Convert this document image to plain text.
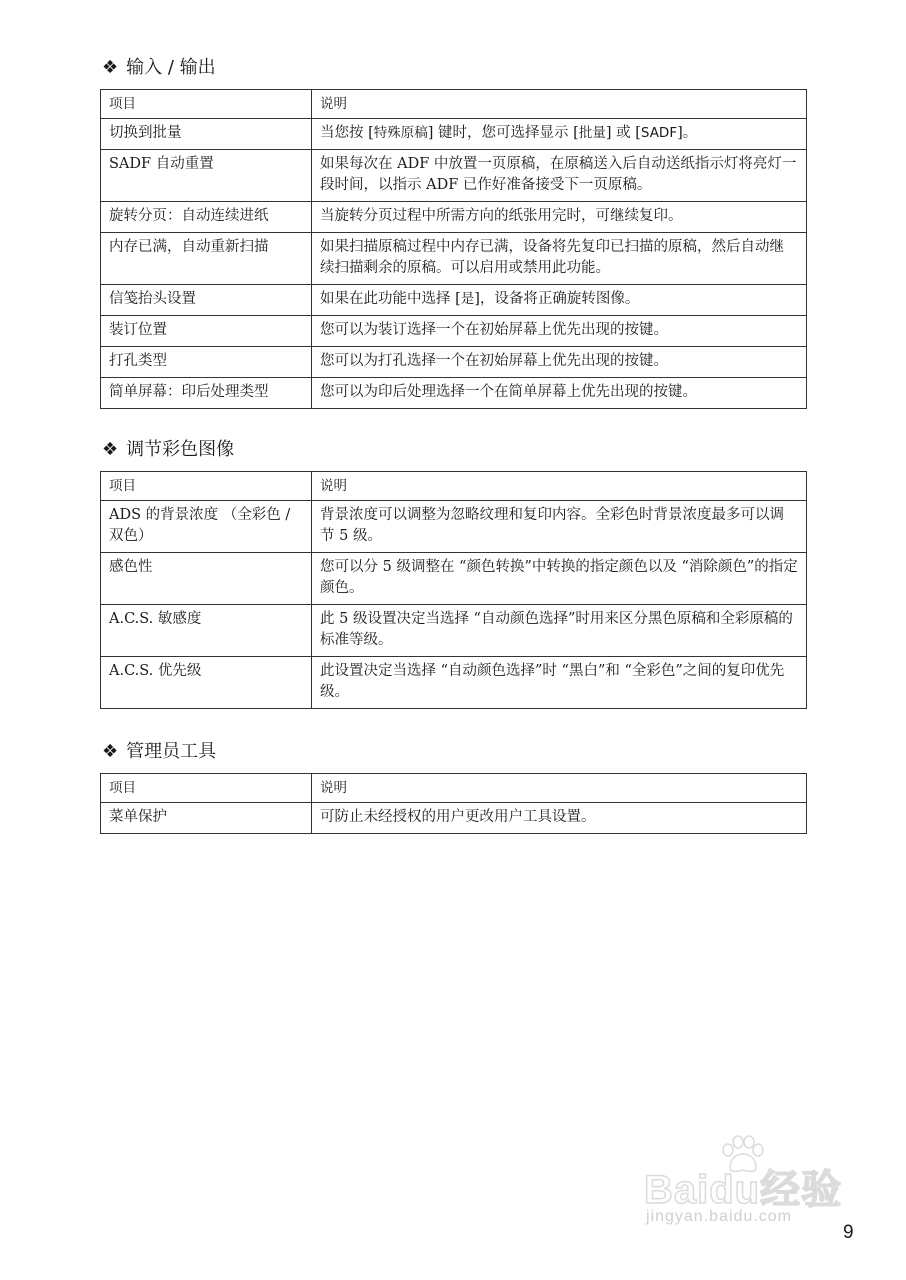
❖ 输入 / 输出
项目	说明
切换到批量	当您按 [特殊原稿] 键时，您可选择显示 [批量] 或 [SADF]。
SADF 自动重置	如果每次在 ADF 中放置一页原稿，在原稿送入后自动送纸指示灯将亮灯一段时间，以指示 ADF 已作好准备接受下一页原稿。
旋转分页：自动连续进纸	当旋转分页过程中所需方向的纸张用完时，可继续复印。
内存已满，自动重新扫描	如果扫描原稿过程中内存已满，设备将先复印已扫描的原稿，然后自动继续扫描剩余的原稿。可以启用或禁用此功能。
信笺抬头设置	如果在此功能中选择 [是]，设备将正确旋转图像。
装订位置	您可以为装订选择一个在初始屏幕上优先出现的按键。
打孔类型	您可以为打孔选择一个在初始屏幕上优先出现的按键。
简单屏幕：印后处理类型	您可以为印后处理选择一个在简单屏幕上优先出现的按键。
❖ 调节彩色图像
项目	说明
ADS 的背景浓度 （全彩色 / 双色）	背景浓度可以调整为忽略纹理和复印内容。全彩色时背景浓度最多可以调节 5 级。
感色性	您可以分 5 级调整在 “颜色转换”中转换的指定颜色以及 “消除颜色”的指定颜色。
A.C.S. 敏感度	此 5 级设置决定当选择 “自动颜色选择”时用来区分黑色原稿和全彩原稿的标准等级。
A.C.S. 优先级	此设置决定当选择 “自动颜色选择”时 “黑白”和 “全彩色”之间的复印优先级。
❖ 管理员工具
项目	说明
菜单保护	可防止未经授权的用户更改用户工具设置。
Baidu经验
jingyan.baidu.com
9
